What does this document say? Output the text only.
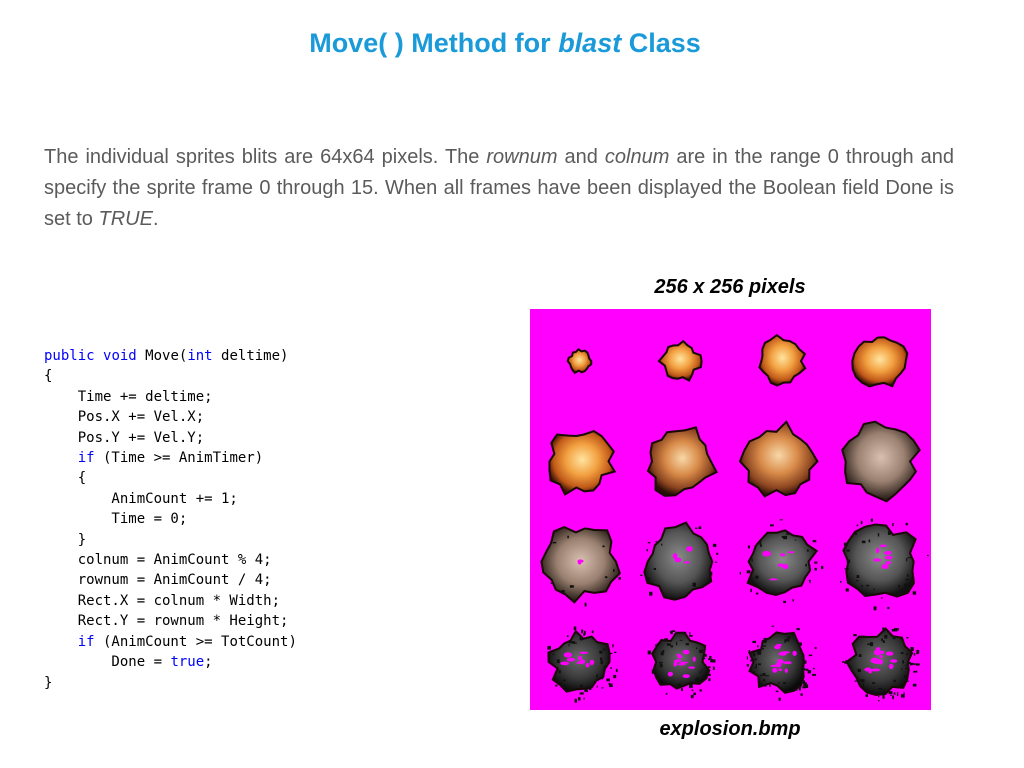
Move( ) Method for blast Class
The individual sprites blits are 64x64 pixels. The rownum and colnum are in the range 0 through and specify the sprite frame 0 through 15. When all frames have been displayed the Boolean field Done is set to TRUE.
public void Move(int deltime)
{
Time += deltime;
Pos.X += Vel.X;
Pos.Y += Vel.Y;
if (Time >= AnimTimer)
{
AnimCount += 1;
Time = 0;
}
colnum = AnimCount % 4;
rownum = AnimCount / 4;
Rect.X = colnum * Width;
Rect.Y = rownum * Height;
if (AnimCount >= TotCount)
Done = true;
}
256 x 256 pixels
explosion.bmp
